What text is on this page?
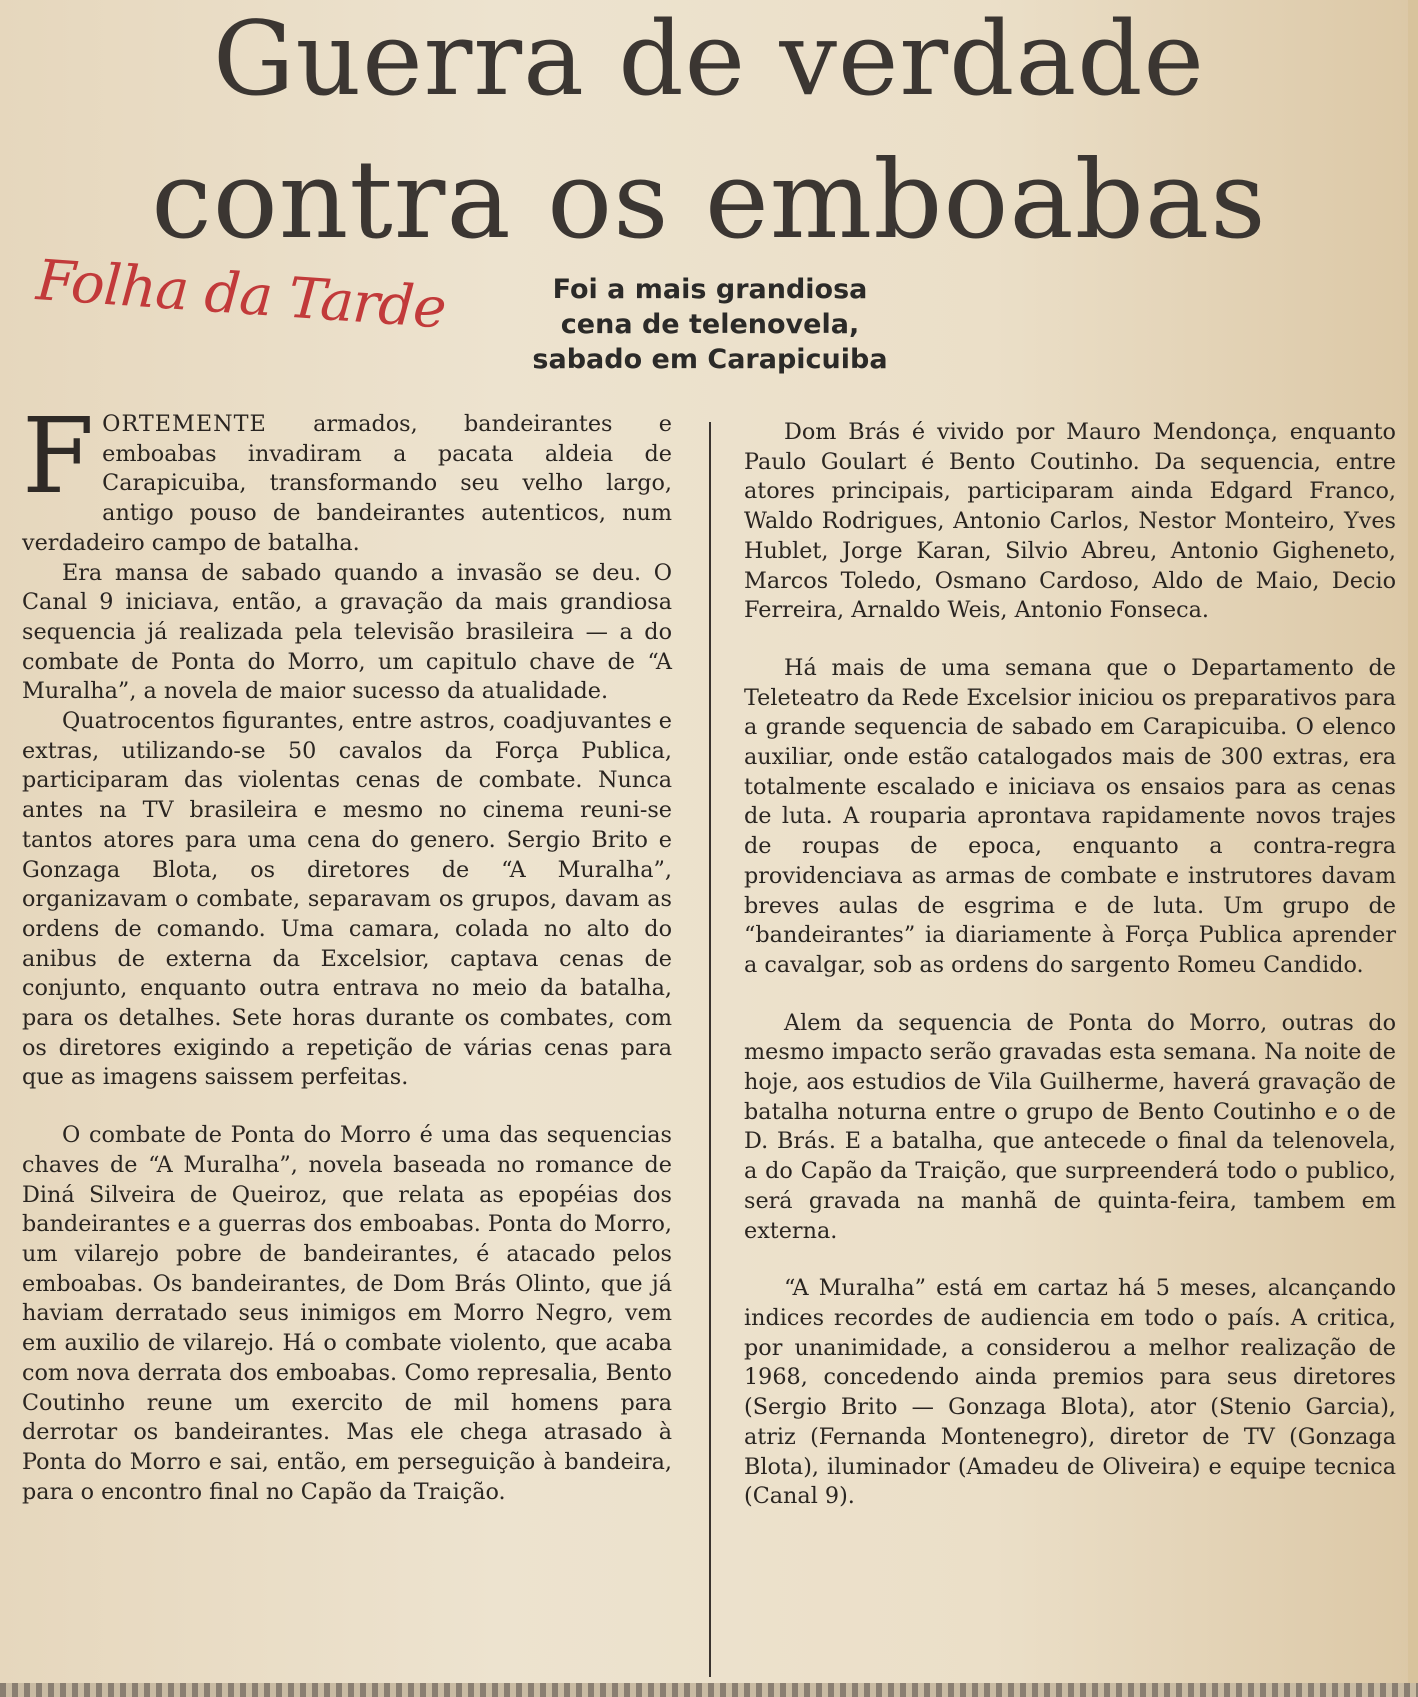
Guerra de verdade
contra os emboabas
Folha da Tarde	Foi a mais grandiosa
cena de telenovela,
sabado em Carapicuiba

FORTEMENTE armados, bandeirantes e emboabas invadiram a pacata aldeia de Carapicuiba, transformando seu velho largo, antigo pouso de bandeirantes autenticos, num verdadeiro campo de batalha.

Era mansa de sabado quando a invasão se deu. O Canal 9 iniciava, então, a gravação da mais grandiosa sequencia já realizada pela televisão brasileira — a do combate de Ponta do Morro, um capitulo chave de “A Muralha”, a novela de maior sucesso da atualidade.

Quatrocentos figurantes, entre astros, coadjuvantes e extras, utilizando-se 50 cavalos da Força Publica, participaram das violentas cenas de combate. Nunca antes na TV brasileira e mesmo no cinema reuni-se tantos atores para uma cena do genero. Sergio Brito e Gonzaga Blota, os diretores de “A Muralha”, organizavam o combate, separavam os grupos, davam as ordens de comando. Uma camara, colada no alto do anibus de externa da Excelsior, captava cenas de conjunto, enquanto outra entrava no meio da batalha, para os detalhes. Sete horas durante os combates, com os diretores exigindo a repetição de várias cenas para que as imagens saissem perfeitas.

O combate de Ponta do Morro é uma das sequencias chaves de “A Muralha”, novela baseada no romance de Diná Silveira de Queiroz, que relata as epopéias dos bandeirantes e a guerras dos emboabas. Ponta do Morro, um vilarejo pobre de bandeirantes, é atacado pelos emboabas. Os bandeirantes, de Dom Brás Olinto, que já haviam derratado seus inimigos em Morro Negro, vem em auxilio de vilarejo. Há o combate violento, que acaba com nova derrata dos emboabas. Como represalia, Bento Coutinho reune um exercito de mil homens para derrotar os bandeirantes. Mas ele chega atrasado à Ponta do Morro e sai, então, em perseguição à bandeira, para o encontro final no Capão da Traição.

Dom Brás é vivido por Mauro Mendonça, enquanto Paulo Goulart é Bento Coutinho. Da sequencia, entre atores principais, participaram ainda Edgard Franco, Waldo Rodrigues, Antonio Carlos, Nestor Monteiro, Yves Hublet, Jorge Karan, Silvio Abreu, Antonio Gigheneto, Marcos Toledo, Osmano Cardoso, Aldo de Maio, Decio Ferreira, Arnaldo Weis, Antonio Fonseca.

Há mais de uma semana que o Departamento de Teleteatro da Rede Excelsior iniciou os preparativos para a grande sequencia de sabado em Carapicuiba. O elenco auxiliar, onde estão catalogados mais de 300 extras, era totalmente escalado e iniciava os ensaios para as cenas de luta. A rouparia aprontava rapidamente novos trajes de roupas de epoca, enquanto a contra-regra providenciava as armas de combate e instrutores davam breves aulas de esgrima e de luta. Um grupo de “bandeirantes” ia diariamente à Força Publica aprender a cavalgar, sob as ordens do sargento Romeu Candido.

Alem da sequencia de Ponta do Morro, outras do mesmo impacto serão gravadas esta semana. Na noite de hoje, aos estudios de Vila Guilherme, haverá gravação de batalha noturna entre o grupo de Bento Coutinho e o de D. Brás. E a batalha, que antecede o final da telenovela, a do Capão da Traição, que surpreenderá todo o publico, será gravada na manhã de quinta-feira, tambem em externa.

“A Muralha” está em cartaz há 5 meses, alcançando indices recordes de audiencia em todo o país. A critica, por unanimidade, a considerou a melhor realização de 1968, concedendo ainda premios para seus diretores (Sergio Brito — Gonzaga Blota), ator (Stenio Garcia), atriz (Fernanda Montenegro), diretor de TV (Gonzaga Blota), iluminador (Amadeu de Oliveira) e equipe tecnica (Canal 9).
